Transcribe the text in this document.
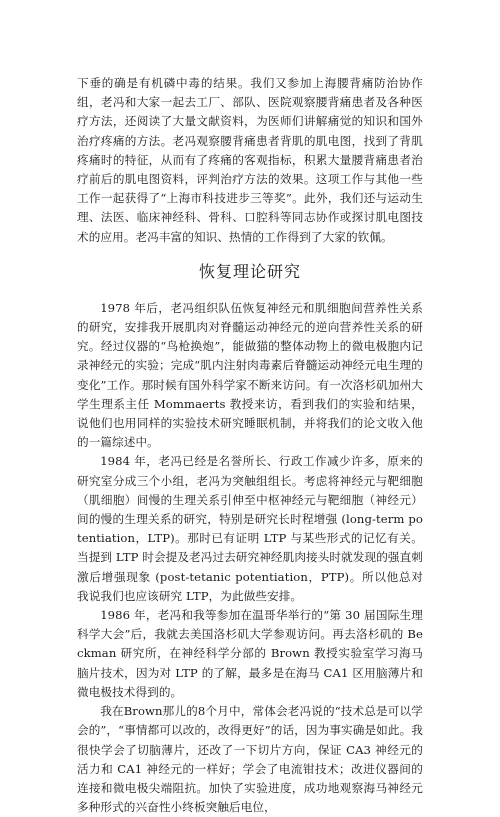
下垂的确是有机磷中毒的结果。我们又参加上海腰背痛防治协作组，老冯和大家一起去工厂、部队、医院观察腰背痛患者及各种医疗方法，还阅读了大量文献资料，为医师们讲解痛觉的知识和国外治疗疼痛的方法。老冯观察腰背痛患者背肌的肌电图，找到了背肌疼痛时的特征，从而有了疼痛的客观指标，积累大量腰背痛患者治疗前后的肌电图资料，评判治疗方法的效果。这项工作与其他一些工作一起获得了“上海市科技进步三等奖”。此外，我们还与运动生理、法医、临床神经科、骨科、口腔科等同志协作或探讨肌电图技术的应用。老冯丰富的知识、热情的工作得到了大家的钦佩。

恢复理论研究

1978 年后，老冯组织队伍恢复神经元和肌细胞间营养性关系的研究，安排我开展肌肉对脊髓运动神经元的逆向营养性关系的研究。经过仪器的“鸟枪换炮”，能做猫的整体动物上的微电极胞内记录神经元的实验；完成“肌内注射肉毒素后脊髓运动神经元电生理的变化”工作。那时候有国外科学家不断来访问。有一次洛杉矶加州大学生理系主任 Mommaerts 教授来访，看到我们的实验和结果，说他们也用同样的实验技术研究睡眠机制，并将我们的论文收入他的一篇综述中。

1984 年，老冯已经是名誉所长、行政工作减少许多，原来的研究室分成三个小组，老冯为突触组组长。考虑将神经元与靶细胞（肌细胞）间慢的生理关系引伸至中枢神经元与靶细胞（神经元）间的慢的生理关系的研究，特别是研究长时程增强 (long-term potentiation，LTP)。那时已有证明 LTP 与某些形式的记忆有关。当提到 LTP 时会提及老冯过去研究神经肌肉接头时就发现的强直刺激后增强现象 (post-tetanic potentiation，PTP)。所以他总对我说我们也应该研究 LTP，为此做些安排。

1986 年，老冯和我等参加在温哥华举行的“第 30 届国际生理科学大会”后，我就去美国洛杉矶大学参观访问。再去洛杉矶的 Beckman 研究所，在神经科学分部的 Brown 教授实验室学习海马脑片技术，因为对 LTP 的了解，最多是在海马 CA1 区用脑薄片和微电极技术得到的。

我在Brown那儿的8个月中，常体会老冯说的“技术总是可以学会的”，“事情都可以改的，改得更好”的话，因为事实确是如此。我很快学会了切脑薄片，还改了一下切片方向，保证 CA3 神经元的活力和 CA1 神经元的一样好；学会了电流钳技术；改进仪器间的连接和微电极尖端阻抗。加快了实验进度，成功地观察海马神经元多种形式的兴奋性小终板突触后电位，
